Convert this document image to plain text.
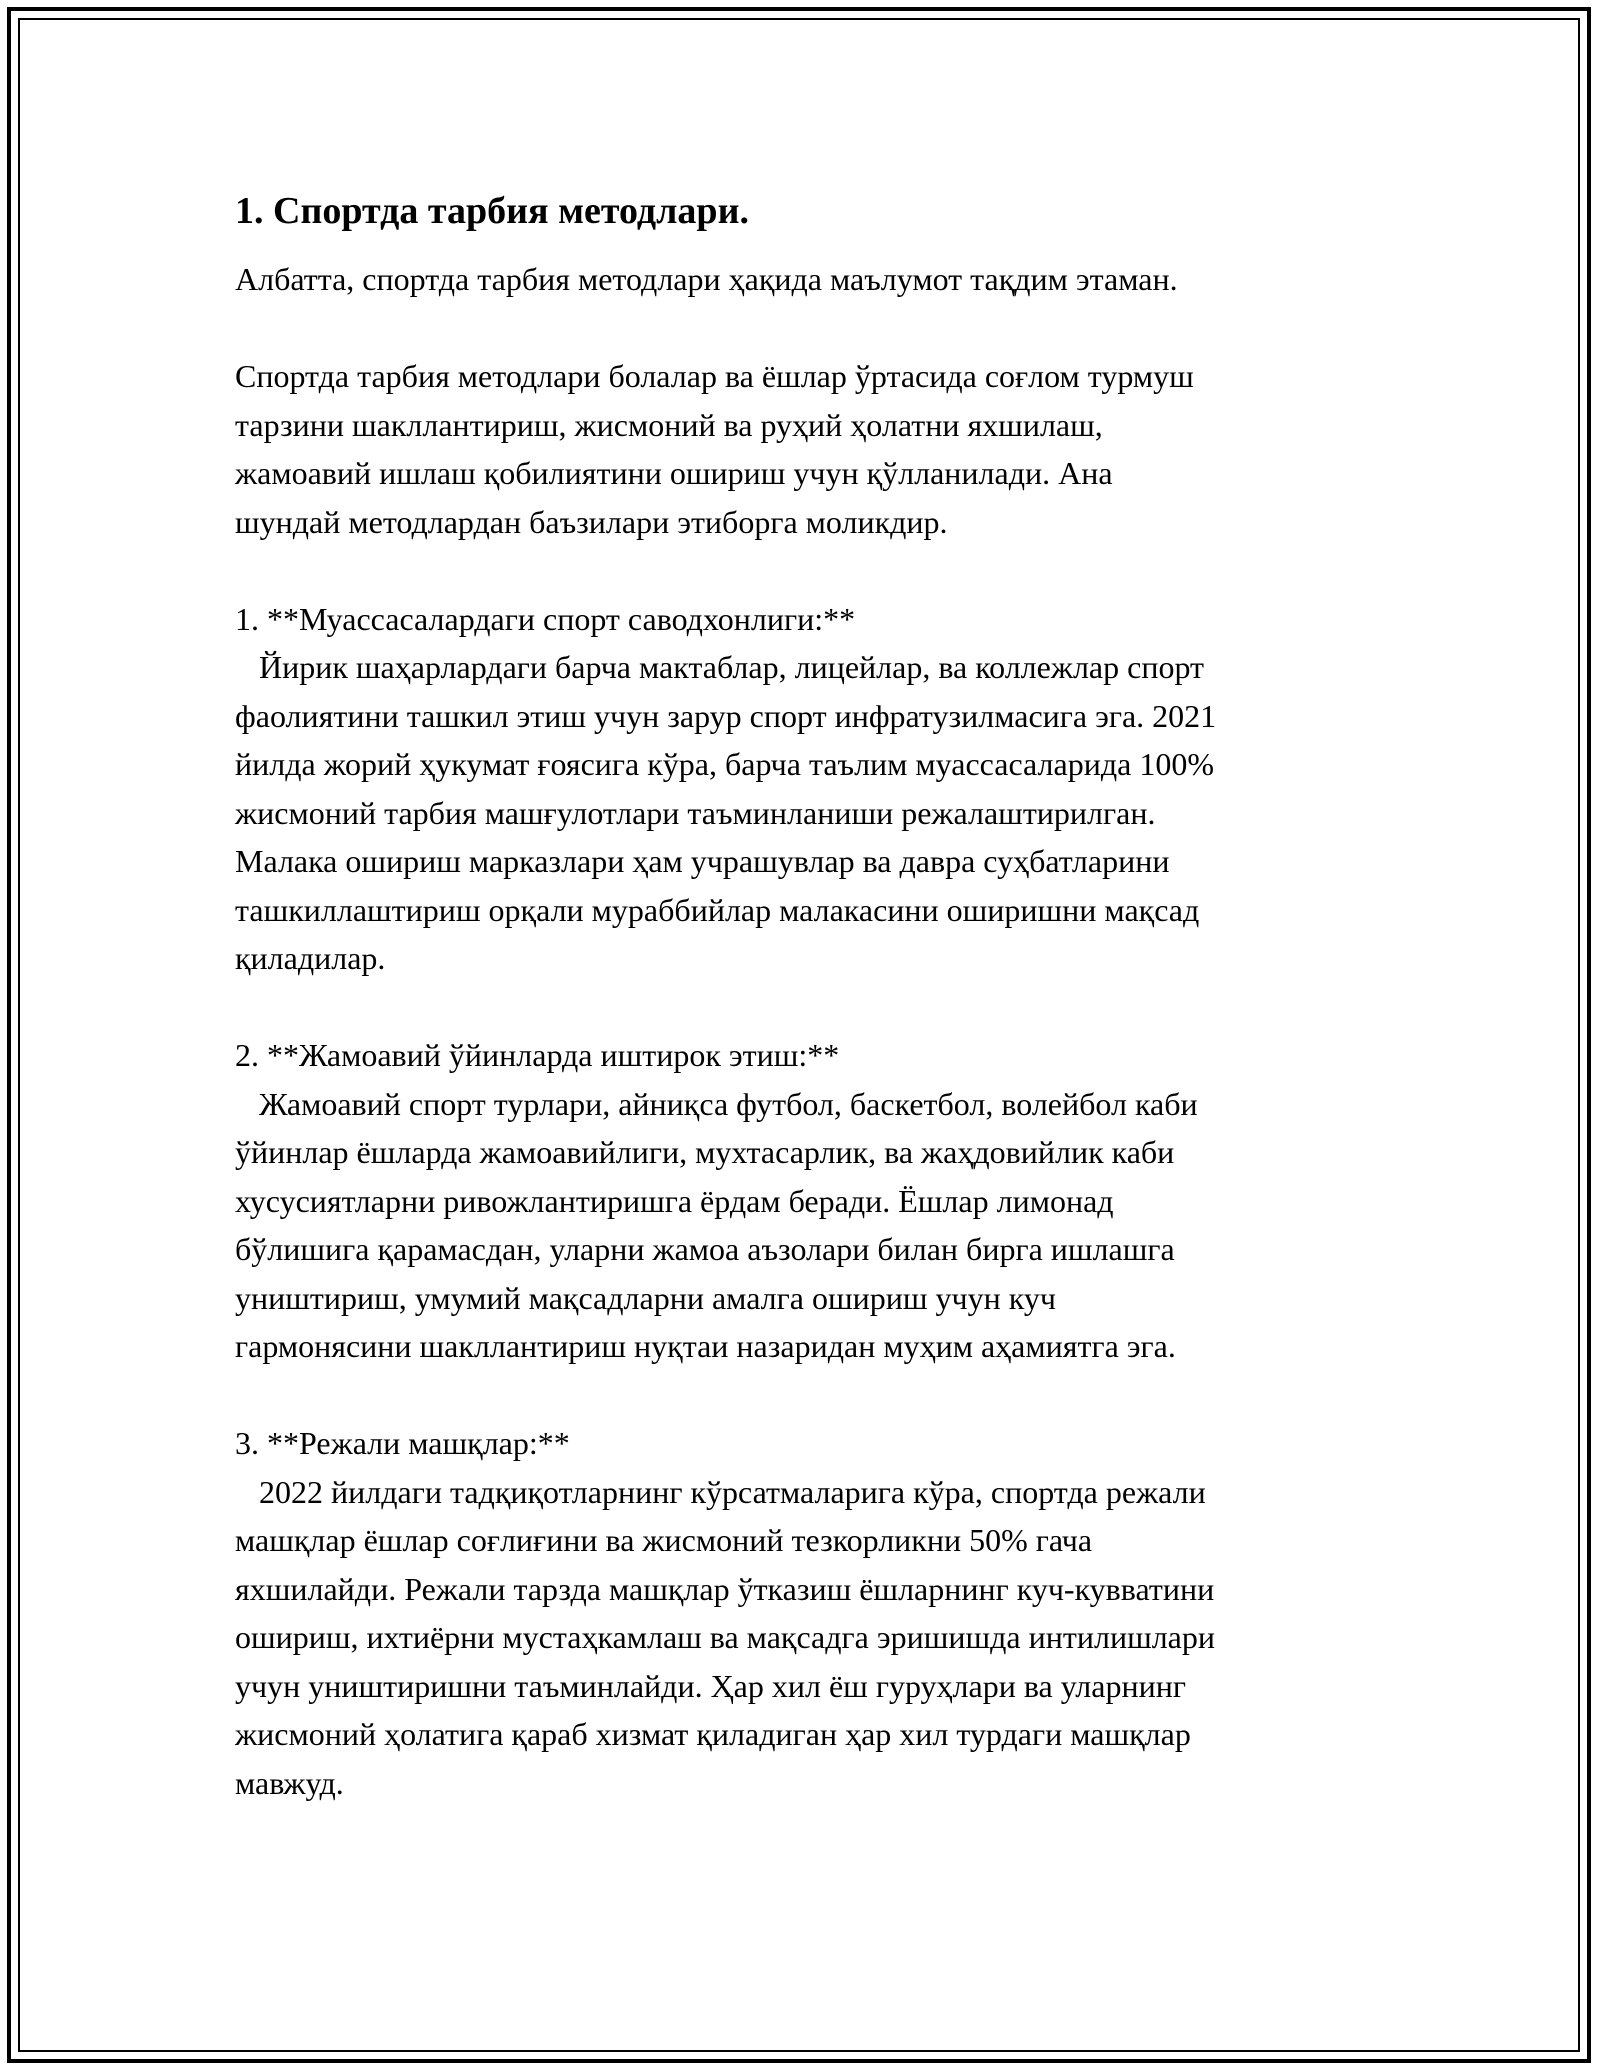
1. Спортда тарбия методлари.
Албатта, спортда тарбия методлари ҳақида маълумот тақдим этаман.
Спортда тарбия методлари болалар ва ёшлар ўртасида соғлом турмуш
тарзини шакллантириш, жисмоний ва руҳий ҳолатни яхшилаш,
жамоавий ишлаш қобилиятини ошириш учун қўлланилади. Ана
шундай методлардан баъзилари этиборга моликдир.
1. **Муассасалардаги спорт саводхонлиги:**
Йирик шаҳарлардаги барча мактаблар, лицейлар, ва коллежлар спорт
фаолиятини ташкил этиш учун зарур спорт инфратузилмасига эга. 2021
йилда жорий ҳукумат ғоясига кўра, барча таълим муассасаларида 100%
жисмоний тарбия машғулотлари таъминланиши режалаштирилган.
Малака ошириш марказлари ҳам учрашувлар ва давра суҳбатларини
ташкиллаштириш орқали мураббийлар малакасини оширишни мақсад
қиладилар.
2. **Жамоавий ўйинларда иштирок этиш:**
Жамоавий спорт турлари, айниқса футбол, баскетбол, волейбол каби
ўйинлар ёшларда жамоавийлиги, мухтасарлик, ва жаҳдовийлик каби
хусусиятларни ривожлантиришга ёрдам беради. Ёшлар лимонад
бўлишига қарамасдан, уларни жамоа аъзолари билан бирга ишлашга
уништириш, умумий мақсадларни амалга ошириш учун куч
гармонясини шакллантириш нуқтаи назаридан муҳим аҳамиятга эга.
3. **Режали машқлар:**
2022 йилдаги тадқиқотларнинг кўрсатмаларига кўра, спортда режали
машқлар ёшлар соғлиғини ва жисмоний тезкорликни 50% гача
яхшилайди. Режали тарзда машқлар ўтказиш ёшларнинг куч-кувватини
ошириш, ихтиёрни мустаҳкамлаш ва мақсадга эришишда интилишлари
учун уништиришни таъминлайди. Ҳар хил ёш гуруҳлари ва уларнинг
жисмоний ҳолатига қараб хизмат қиладиган ҳар хил турдаги машқлар
мавжуд.
